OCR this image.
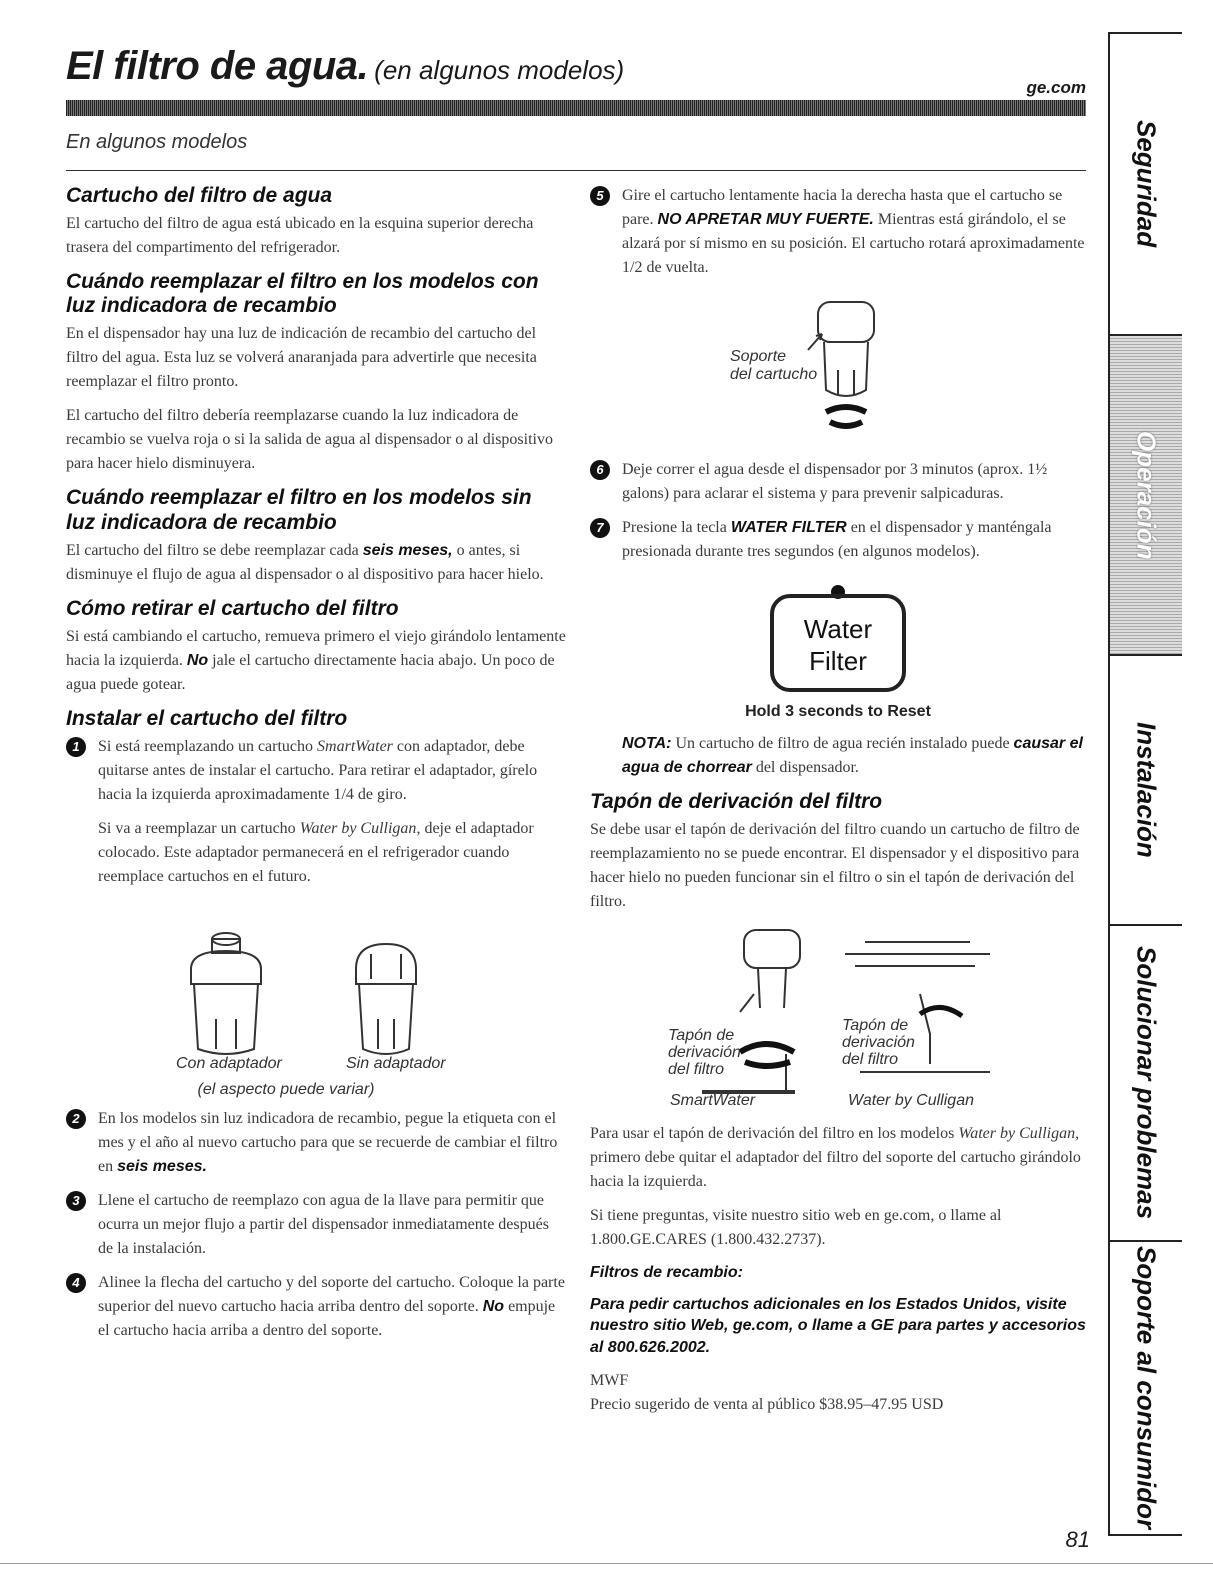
El filtro de agua. (en algunos modelos)
ge.com
En algunos modelos
Cartucho del filtro de agua

El cartucho del filtro de agua está ubicado en la esquina superior derecha trasera del compartimento del refrigerador.

Cuándo reemplazar el filtro en los modelos con luz indicadora de recambio

En el dispensador hay una luz de indicación de recambio del cartucho del filtro del agua. Esta luz se volverá anaranjada para advertirle que necesita reemplazar el filtro pronto.

El cartucho del filtro debería reemplazarse cuando la luz indicadora de recambio se vuelva roja o si la salida de agua al dispensador o al dispositivo para hacer hielo disminuyera.

Cuándo reemplazar el filtro en los modelos sin luz indicadora de recambio

El cartucho del filtro se debe reemplazar cada seis meses, o antes, si disminuye el flujo de agua al dispensador o al dispositivo para hacer hielo.

Cómo retirar el cartucho del filtro

Si está cambiando el cartucho, remueva primero el viejo girándolo lentamente hacia la izquierda. No jale el cartucho directamente hacia abajo. Un poco de agua puede gotear.

Instalar el cartucho del filtro
1	Si está reemplazando un cartucho SmartWater con adaptador, debe quitarse antes de instalar el cartucho. Para retirar el adaptador, gírelo hacia la izquierda aproximadamente 1/4 de giro.

Si va a reemplazar un cartucho Water by Culligan, deje el adaptador colocado. Este adaptador permanecerá en el refrigerador cuando reemplace cartuchos en el futuro.

Con adaptador	Sin adaptador
(el aspecto puede variar)
2	En los modelos sin luz indicadora de recambio, pegue la etiqueta con el mes y el año al nuevo cartucho para que se recuerde de cambiar el filtro en seis meses.

3	Llene el cartucho de reemplazo con agua de la llave para permitir que ocurra un mejor flujo a partir del dispensador inmediatamente después de la instalación.

4	Alinee la flecha del cartucho y del soporte del cartucho. Coloque la parte superior del nuevo cartucho hacia arriba dentro del soporte. No empuje el cartucho hacia arriba a dentro del soporte.

5	Gire el cartucho lentamente hacia la derecha hasta que el cartucho se pare. NO APRETAR MUY FUERTE. Mientras está girándolo, el se alzará por sí mismo en su posición. El cartucho rotará aproximadamente 1/2 de vuelta.

Soporte
del cartucho
6	Deje correr el agua desde el dispensador por 3 minutos (aprox. 1½ galons) para aclarar el sistema y para prevenir salpicaduras.

7	Presione la tecla WATER FILTER en el dispensador y manténgala presionada durante tres segundos (en algunos modelos).

Water
Filter
Hold 3 seconds to Reset

NOTA: Un cartucho de filtro de agua recién instalado puede causar el agua de chorrear del dispensador.

Tapón de derivación del filtro

Se debe usar el tapón de derivación del filtro cuando un cartucho de filtro de reemplazamiento no se puede encontrar. El dispensador y el dispositivo para hacer hielo no pueden funcionar sin el filtro o sin el tapón de derivación del filtro.

Tapón de
derivación
del filtro
Tapón de
derivación
del filtro
SmartWater	Water by Culligan

Para usar el tapón de derivación del filtro en los modelos Water by Culligan, primero debe quitar el adaptador del filtro del soporte del cartucho girándolo hacia la izquierda.

Si tiene preguntas, visite nuestro sitio web en ge.com, o llame al 1.800.GE.CARES (1.800.432.2737).

Filtros de recambio:
Para pedir cartuchos adicionales en los Estados Unidos, visite nuestro sitio Web, ge.com, o llame a GE para partes y accesorios al 800.626.2002.

MWF

Precio sugerido de venta al público $38.95–47.95 USD

81
Seguridad
Operación
Instalación
Solucionar problemas
Soporte al consumidor
